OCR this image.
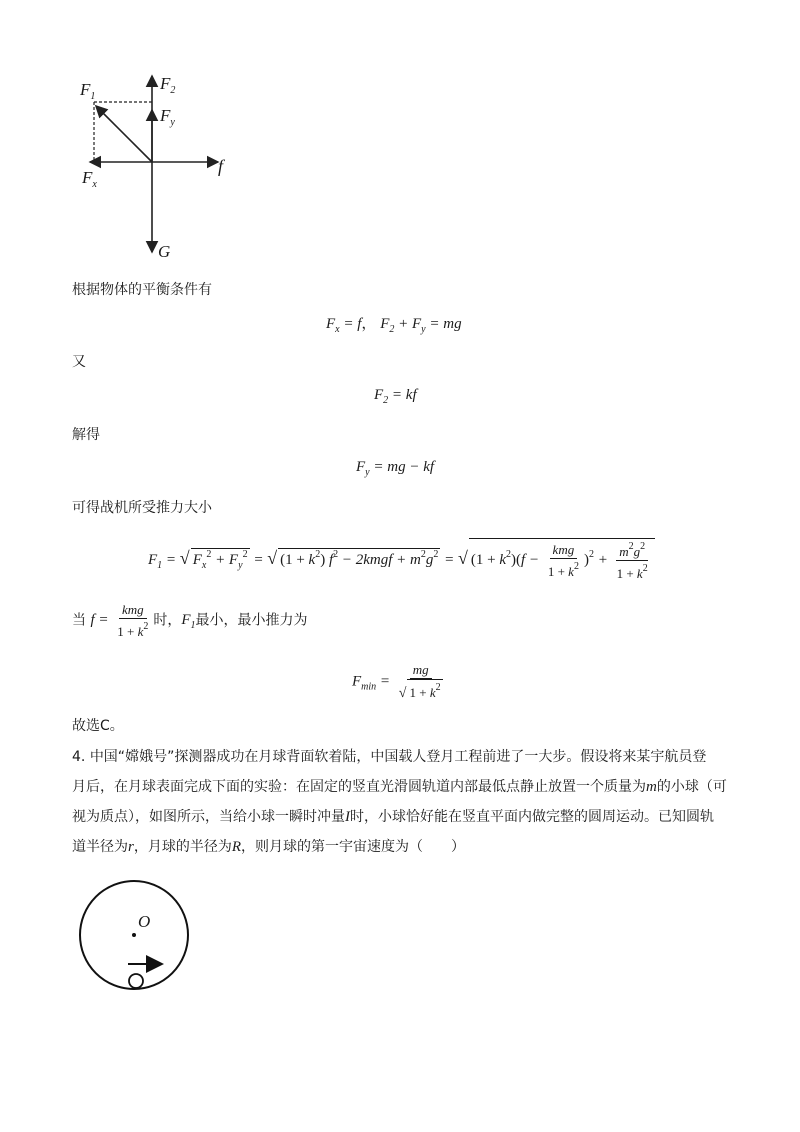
$F_1$
$F_2$
$F_y$
$F_x$
f
G
根据物体的平衡条件有
$F_x = f$， $F_2 + F_y$ = mg
又
$F_2$ = kf
解得
$F_y$ = mg − kf
可得战机所受推力大小
$F_1$ = √ $F_x^2 + F_y^2$ = √ $(1 + k^2)$ $f^2$ − 2kmgf + $m^2g^2$ = √ $(1 + k^2)(f - \frac{\text{kmg}}{1 + k^2} )^2 + \frac{m^2g^2}{1 + k^2}$
当 $f = \frac{\text{kmg}}{1 + k^2}$ 时，$F_1$最小，最小推力为
$F_{min} = \frac{mg}{√ 1 + k^2}$
故选C。
4. 中国“嫦娥号”探测器成功在月球背面软着陆，中国载人登月工程前进了一大步。假设将来某宇航员登
月后，在月球表面完成下面的实验：在固定的竖直光滑圆轨道内部最低点静止放置一个质量为m的小球（可
视为质点），如图所示，当给小球一瞬时冲量I时，小球恰好能在竖直平面内做完整的圆周运动。已知圆轨
道半径为r，月球的半径为R，则月球的第一宇宙速度为（　　）
O
